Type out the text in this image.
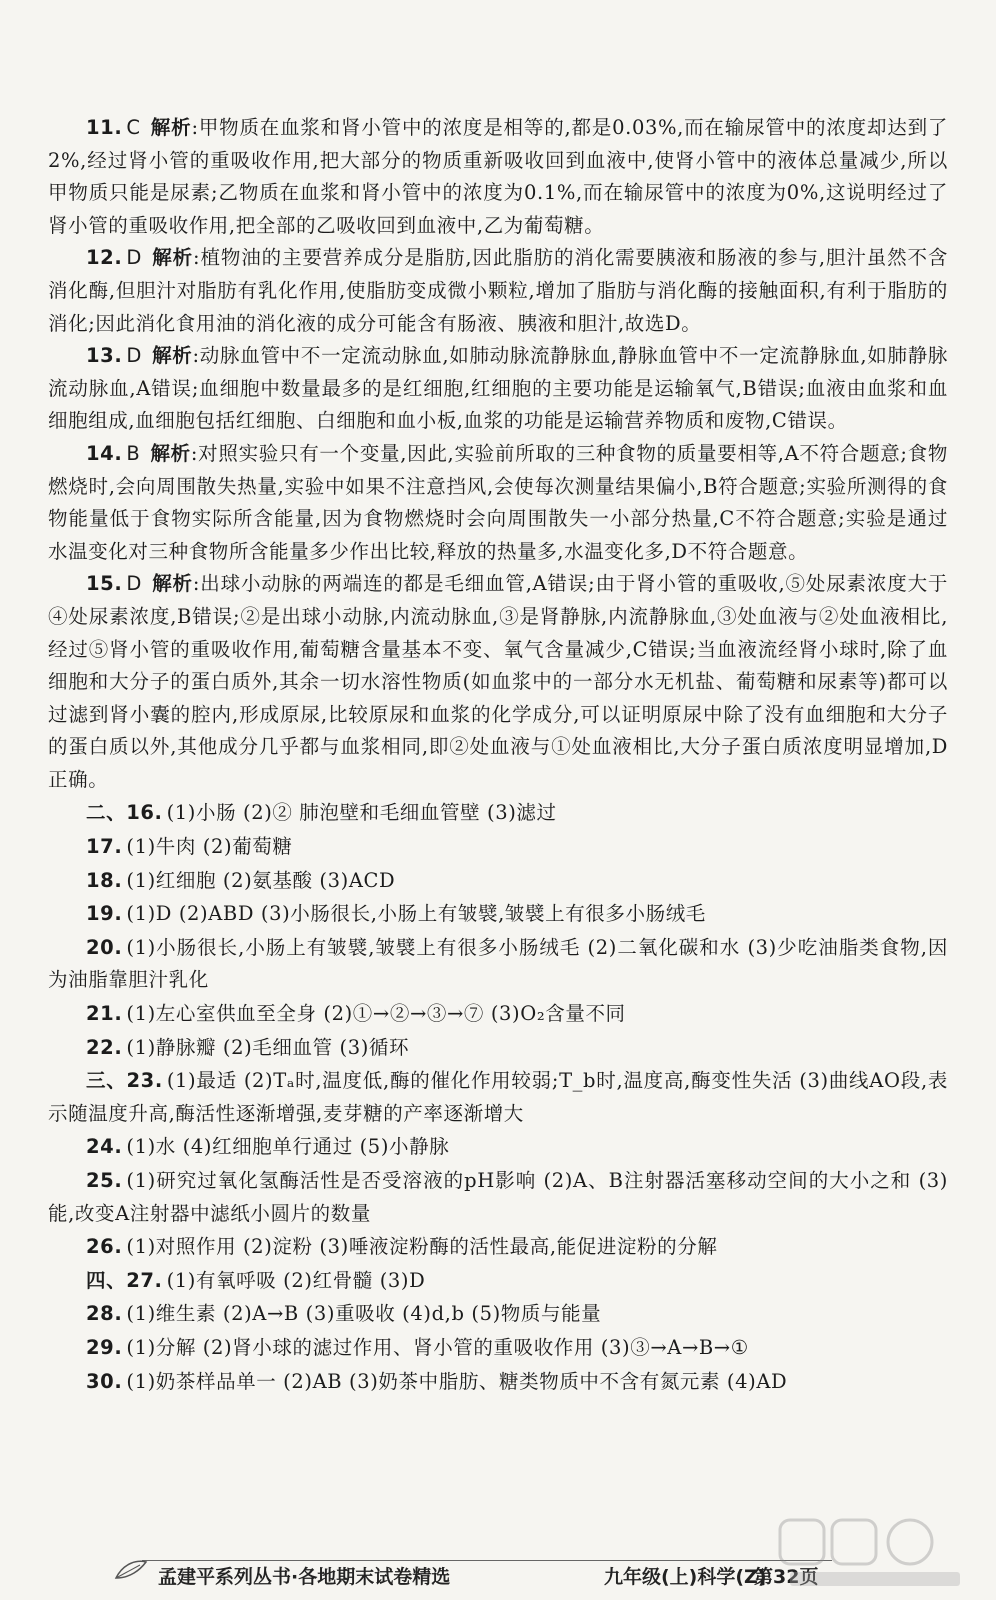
11. C 解析:甲物质在血浆和肾小管中的浓度是相等的,都是0.03%,而在输尿管中的浓度却达到了2%,经过肾小管的重吸收作用,把大部分的物质重新吸收回到血液中,使肾小管中的液体总量减少,所以甲物质只能是尿素;乙物质在血浆和肾小管中的浓度为0.1%,而在输尿管中的浓度为0%,这说明经过了肾小管的重吸收作用,把全部的乙吸收回到血液中,乙为葡萄糖。

12. D 解析:植物油的主要营养成分是脂肪,因此脂肪的消化需要胰液和肠液的参与,胆汁虽然不含消化酶,但胆汁对脂肪有乳化作用,使脂肪变成微小颗粒,增加了脂肪与消化酶的接触面积,有利于脂肪的消化;因此消化食用油的消化液的成分可能含有肠液、胰液和胆汁,故选D。

13. D 解析:动脉血管中不一定流动脉血,如肺动脉流静脉血,静脉血管中不一定流静脉血,如肺静脉流动脉血,A错误;血细胞中数量最多的是红细胞,红细胞的主要功能是运输氧气,B错误;血液由血浆和血细胞组成,血细胞包括红细胞、白细胞和血小板,血浆的功能是运输营养物质和废物,C错误。

14. B 解析:对照实验只有一个变量,因此,实验前所取的三种食物的质量要相等,A不符合题意;食物燃烧时,会向周围散失热量,实验中如果不注意挡风,会使每次测量结果偏小,B符合题意;实验所测得的食物能量低于食物实际所含能量,因为食物燃烧时会向周围散失一小部分热量,C不符合题意;实验是通过水温变化对三种食物所含能量多少作出比较,释放的热量多,水温变化多,D不符合题意。

15. D 解析:出球小动脉的两端连的都是毛细血管,A错误;由于肾小管的重吸收,⑤处尿素浓度大于④处尿素浓度,B错误;②是出球小动脉,内流动脉血,③是肾静脉,内流静脉血,③处血液与②处血液相比,经过⑤肾小管的重吸收作用,葡萄糖含量基本不变、氧气含量减少,C错误;当血液流经肾小球时,除了血细胞和大分子的蛋白质外,其余一切水溶性物质(如血浆中的一部分水无机盐、葡萄糖和尿素等)都可以过滤到肾小囊的腔内,形成原尿,比较原尿和血浆的化学成分,可以证明原尿中除了没有血细胞和大分子的蛋白质以外,其他成分几乎都与血浆相同,即②处血液与①处血液相比,大分子蛋白质浓度明显增加,D正确。

二、16. (1)小肠 (2)② 肺泡壁和毛细血管壁 (3)滤过

17. (1)牛肉 (2)葡萄糖

18. (1)红细胞 (2)氨基酸 (3)ACD

19. (1)D (2)ABD (3)小肠很长,小肠上有皱襞,皱襞上有很多小肠绒毛

20. (1)小肠很长,小肠上有皱襞,皱襞上有很多小肠绒毛 (2)二氧化碳和水 (3)少吃油脂类食物,因为油脂靠胆汁乳化

21. (1)左心室供血至全身 (2)①→②→③→⑦ (3)O₂含量不同

22. (1)静脉瓣 (2)毛细血管 (3)循环

三、23. (1)最适 (2)Tₐ时,温度低,酶的催化作用较弱;T_b时,温度高,酶变性失活 (3)曲线AO段,表示随温度升高,酶活性逐渐增强,麦芽糖的产率逐渐增大

24. (1)水 (4)红细胞单行通过 (5)小静脉

25. (1)研究过氧化氢酶活性是否受溶液的pH影响 (2)A、B注射器活塞移动空间的大小之和 (3)能,改变A注射器中滤纸小圆片的数量

26. (1)对照作用 (2)淀粉 (3)唾液淀粉酶的活性最高,能促进淀粉的分解

四、27. (1)有氧呼吸 (2)红骨髓 (3)D

28. (1)维生素 (2)A→B (3)重吸收 (4)d,b (5)物质与能量

29. (1)分解 (2)肾小球的滤过作用、肾小管的重吸收作用 (3)③→A→B→①

30. (1)奶茶样品单一 (2)AB (3)奶茶中脂肪、糖类物质中不含有氮元素 (4)AD

孟建平系列丛书·各地期末试卷精选	九年级(上)科学(Z)
第32页
